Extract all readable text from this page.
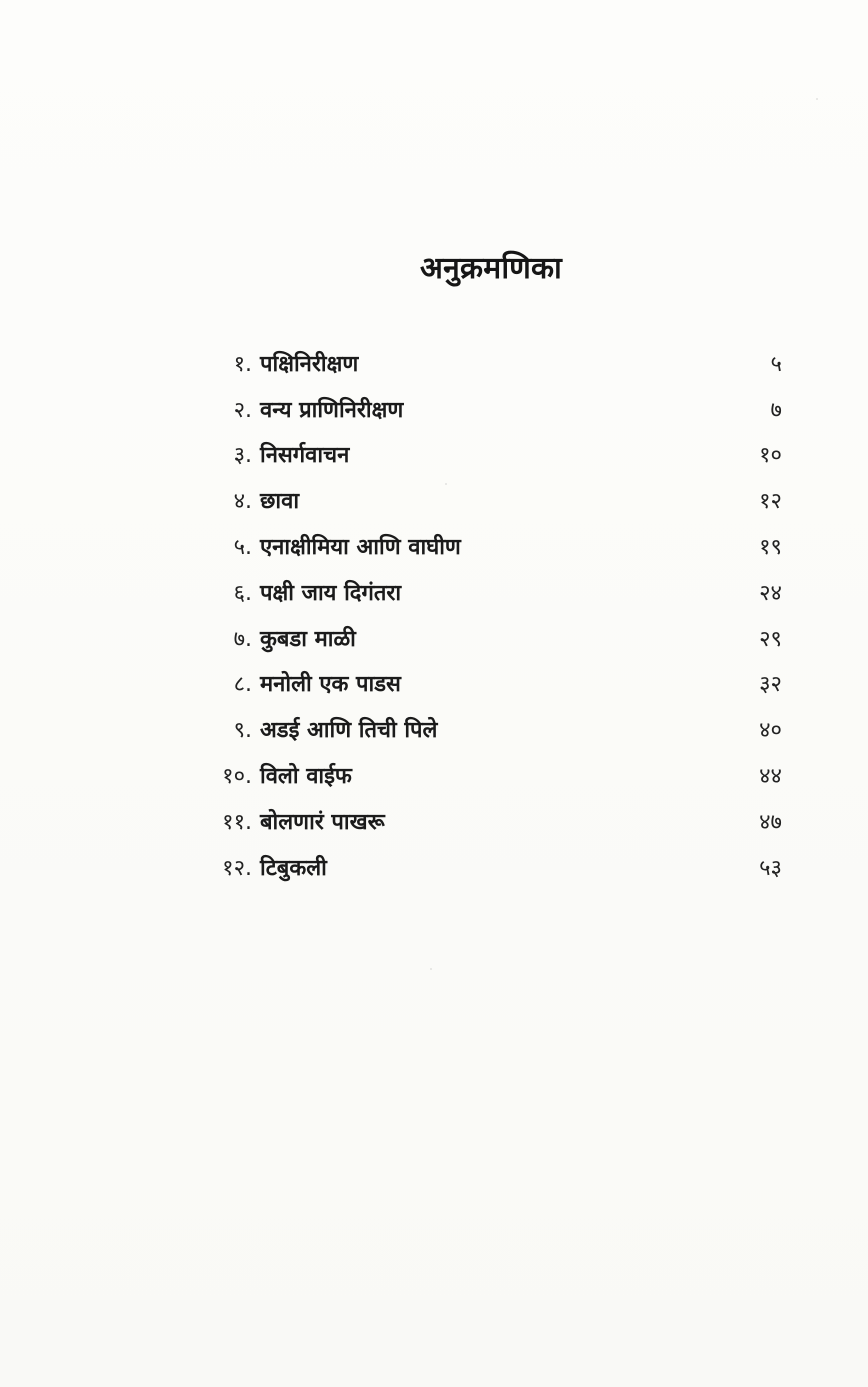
अनुक्रमणिका
१. पक्षिनिरीक्षण	५
२. वन्य प्राणिनिरीक्षण	७
३. निसर्गवाचन	१०
४. छावा	१२
५. एनाक्षीमिया आणि वाघीण	१९
६. पक्षी जाय दिगंतरा	२४
७. कुबडा माळी	२९
८. मनोली एक पाडस	३२
९. अडई आणि तिची पिले	४०
१०. विलो वाईफ	४४
११. बोलणारं पाखरू	४७
१२. टिबुकली	५३
